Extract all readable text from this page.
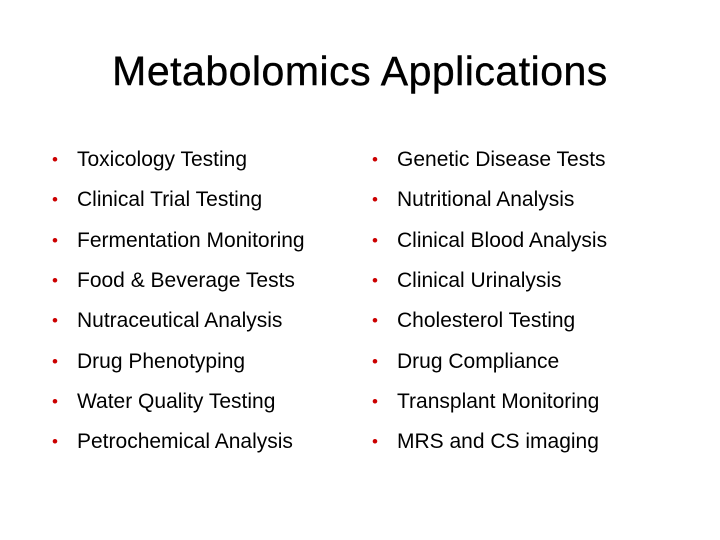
Metabolomics Applications
• Toxicology Testing
• Clinical Trial Testing
• Fermentation Monitoring
• Food & Beverage Tests
• Nutraceutical Analysis
• Drug Phenotyping
• Water Quality Testing
• Petrochemical Analysis
• Genetic Disease Tests
• Nutritional Analysis
• Clinical Blood Analysis
• Clinical Urinalysis
• Cholesterol Testing
• Drug Compliance
• Transplant Monitoring
• MRS and CS imaging
